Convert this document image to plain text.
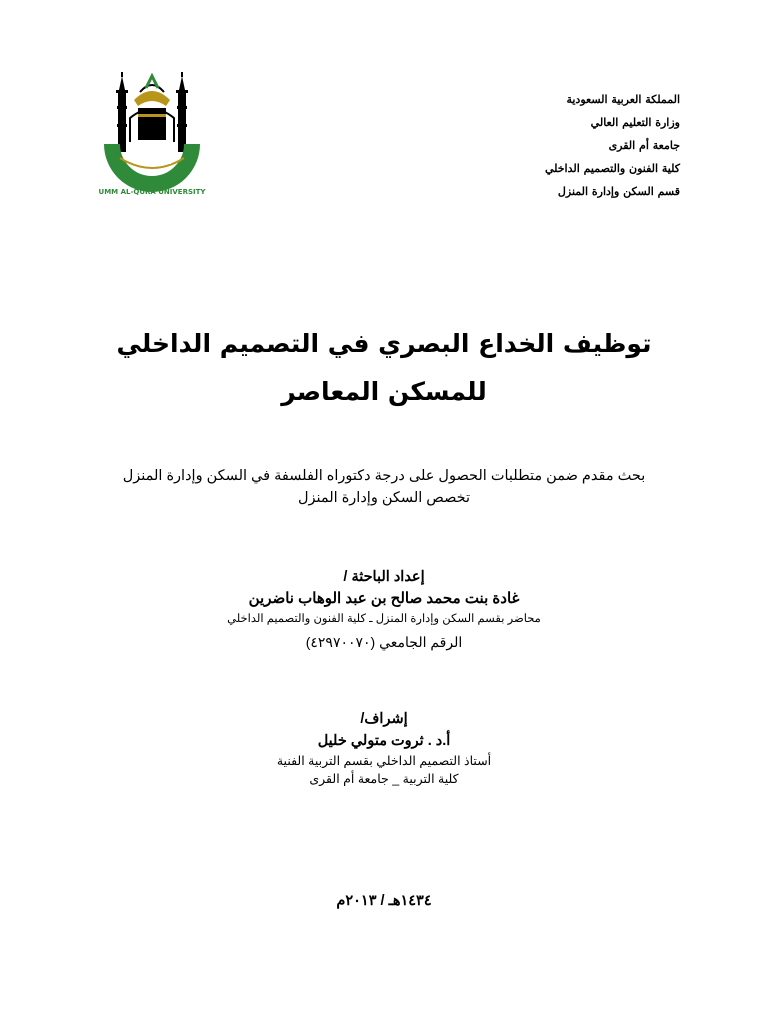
UMM AL-QURA UNIVERSITY
المملكة العربية السعودية
وزارة التعليم العالي
جامعة أم القرى
كلية الفنون والتصميم الداخلي
قسم السكن وإدارة المنزل
توظيف الخداع البصري في التصميم الداخلي
للمسكن المعاصر
بحث مقدم ضمن متطلبات الحصول على درجة دكتوراه الفلسفة في السكن وإدارة المنزل
تخصص السكن وإدارة المنزل
إعداد الباحثة /
غادة بنت محمد صالح بن عبد الوهاب ناضرين
محاضر بقسم السكن وإدارة المنزل ـ كلية الفنون والتصميم الداخلي
الرقم الجامعي (٤٢٩٧٠٠٧٠)
إشراف/
أ.د . ثروت متولي خليل
أستاذ التصميم الداخلي بقسم التربية الفنية
كلية التربية _ جامعة أم القرى
١٤٣٤هـ / ٢٠١٣م
